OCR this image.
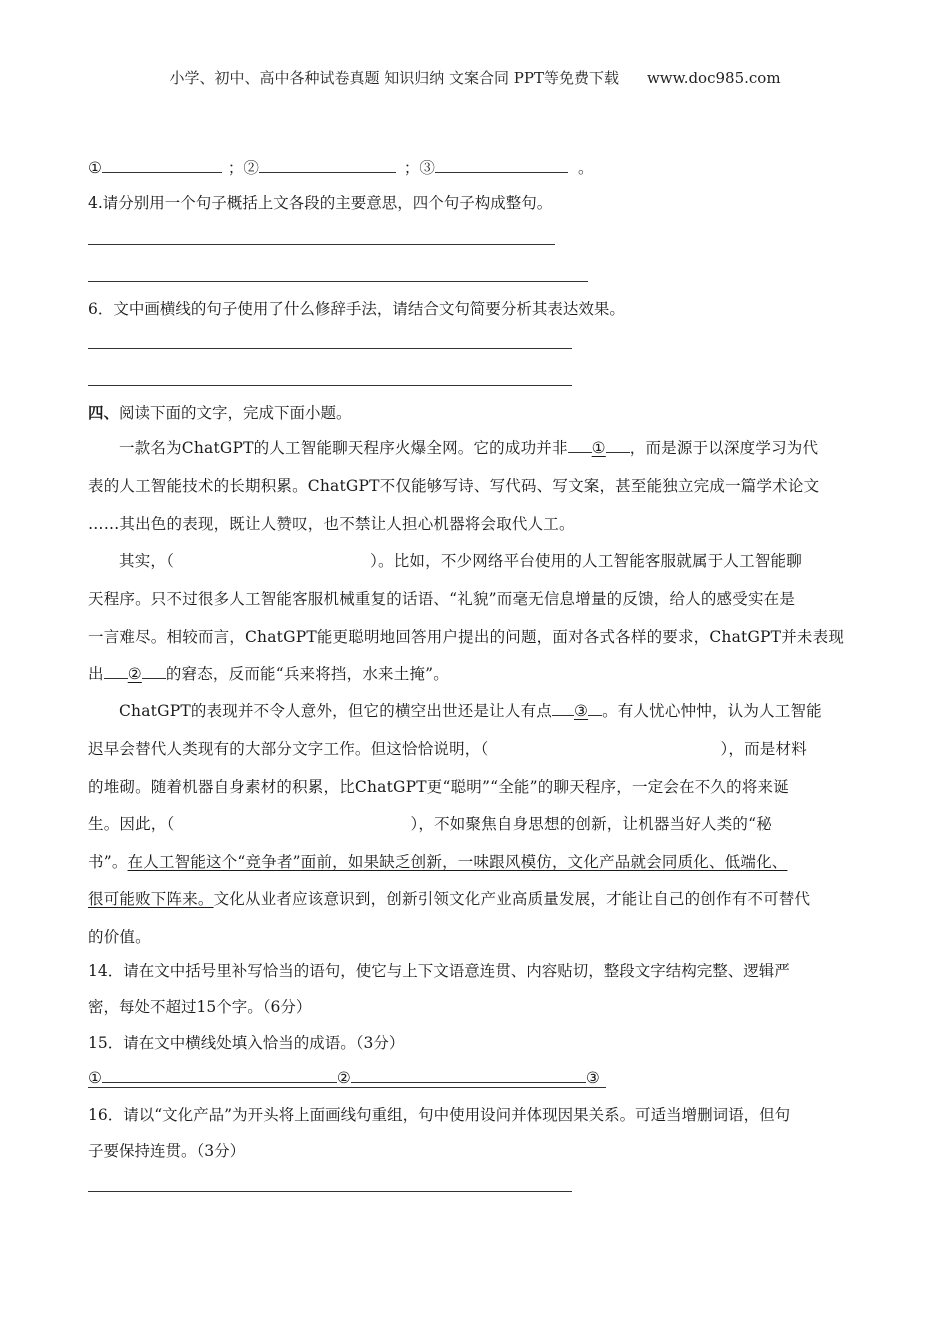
小学、初中、高中各种试卷真题 知识归纳 文案合同 PPT等免费下载 www.doc985.com
①	；②	；③	。
4.请分别用一个句子概括上文各段的主要意思，四个句子构成整句。
6．文中画横线的句子使用了什么修辞手法，请结合文句简要分析其表达效果。
四、阅读下面的文字，完成下面小题。
一款名为ChatGPT的人工智能聊天程序火爆全网。它的成功并非 ① ，而是源于以深度学习为代
表的人工智能技术的长期积累。ChatGPT不仅能够写诗、写代码、写文案，甚至能独立完成一篇学术论文
……其出色的表现，既让人赞叹，也不禁让人担心机器将会取代人工。
其实，（	）。比如，不少网络平台使用的人工智能客服就属于人工智能聊
天程序。只不过很多人工智能客服机械重复的话语、“礼貌”而毫无信息增量的反馈，给人的感受实在是
一言难尽。相较而言，ChatGPT能更聪明地回答用户提出的问题，面对各式各样的要求，ChatGPT并未表现
出 ② 的窘态，反而能“兵来将挡，水来土掩”。
ChatGPT的表现并不令人意外，但它的横空出世还是让人有点 ③ 。有人忧心忡忡，认为人工智能
迟早会替代人类现有的大部分文字工作。但这恰恰说明，（	），而是材料
的堆砌。随着机器自身素材的积累，比ChatGPT更“聪明”“全能”的聊天程序，一定会在不久的将来诞
生。因此，（	），不如聚焦自身思想的创新，让机器当好人类的“秘
书”。在人工智能这个“竞争者”面前，如果缺乏创新，一味跟风模仿，文化产品就会同质化、低端化、
很可能败下阵来。文化从业者应该意识到，创新引领文化产业高质量发展，才能让自己的创作有不可替代
的价值。
14．请在文中括号里补写恰当的语句，使它与上下文语意连贯、内容贴切，整段文字结构完整、逻辑严
密，每处不超过15个字。（6分）
15．请在文中横线处填入恰当的成语。（3分）
①	②	③
16．请以“文化产品”为开头将上面画线句重组，句中使用设问并体现因果关系。可适当增删词语，但句
子要保持连贯。（3分）
